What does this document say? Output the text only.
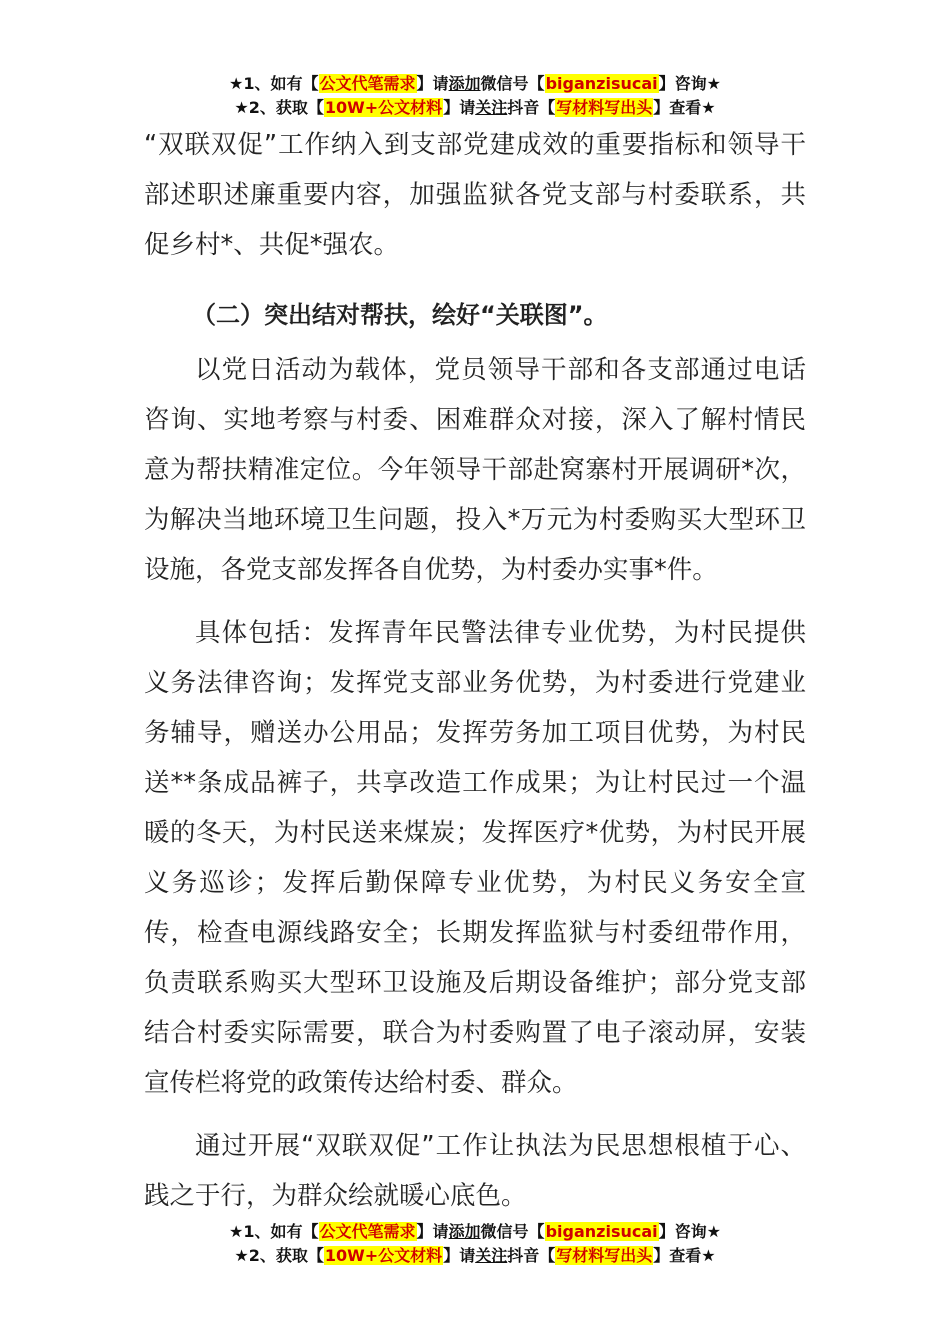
★1、如有【公文代笔需求】请添加微信号【biganzisucai】咨询★
★2、获取【10W+公文材料】请关注抖音【写材料写出头】查看★

“双联双促”工作纳入到支部党建成效的重要指标和领导干部述职述廉重要内容，加强监狱各党支部与村委联系，共促乡村*、共促*强农。

（二）突出结对帮扶，绘好“关联图”。

以党日活动为载体，党员领导干部和各支部通过电话咨询、实地考察与村委、困难群众对接，深入了解村情民意为帮扶精准定位。今年领导干部赴窝寨村开展调研*次，为解决当地环境卫生问题，投入*万元为村委购买大型环卫设施，各党支部发挥各自优势，为村委办实事*件。

具体包括：发挥青年民警法律专业优势，为村民提供义务法律咨询；发挥党支部业务优势，为村委进行党建业务辅导，赠送办公用品；发挥劳务加工项目优势，为村民送**条成品裤子，共享改造工作成果；为让村民过一个温暖的冬天，为村民送来煤炭；发挥医疗*优势，为村民开展义务巡诊；发挥后勤保障专业优势，为村民义务安全宣传，检查电源线路安全；长期发挥监狱与村委纽带作用，负责联系购买大型环卫设施及后期设备维护；部分党支部结合村委实际需要，联合为村委购置了电子滚动屏，安装宣传栏将党的政策传达给村委、群众。

通过开展“双联双促”工作让执法为民思想根植于心、践之于行，为群众绘就暖心底色。

★1、如有【公文代笔需求】请添加微信号【biganzisucai】咨询★
★2、获取【10W+公文材料】请关注抖音【写材料写出头】查看★
